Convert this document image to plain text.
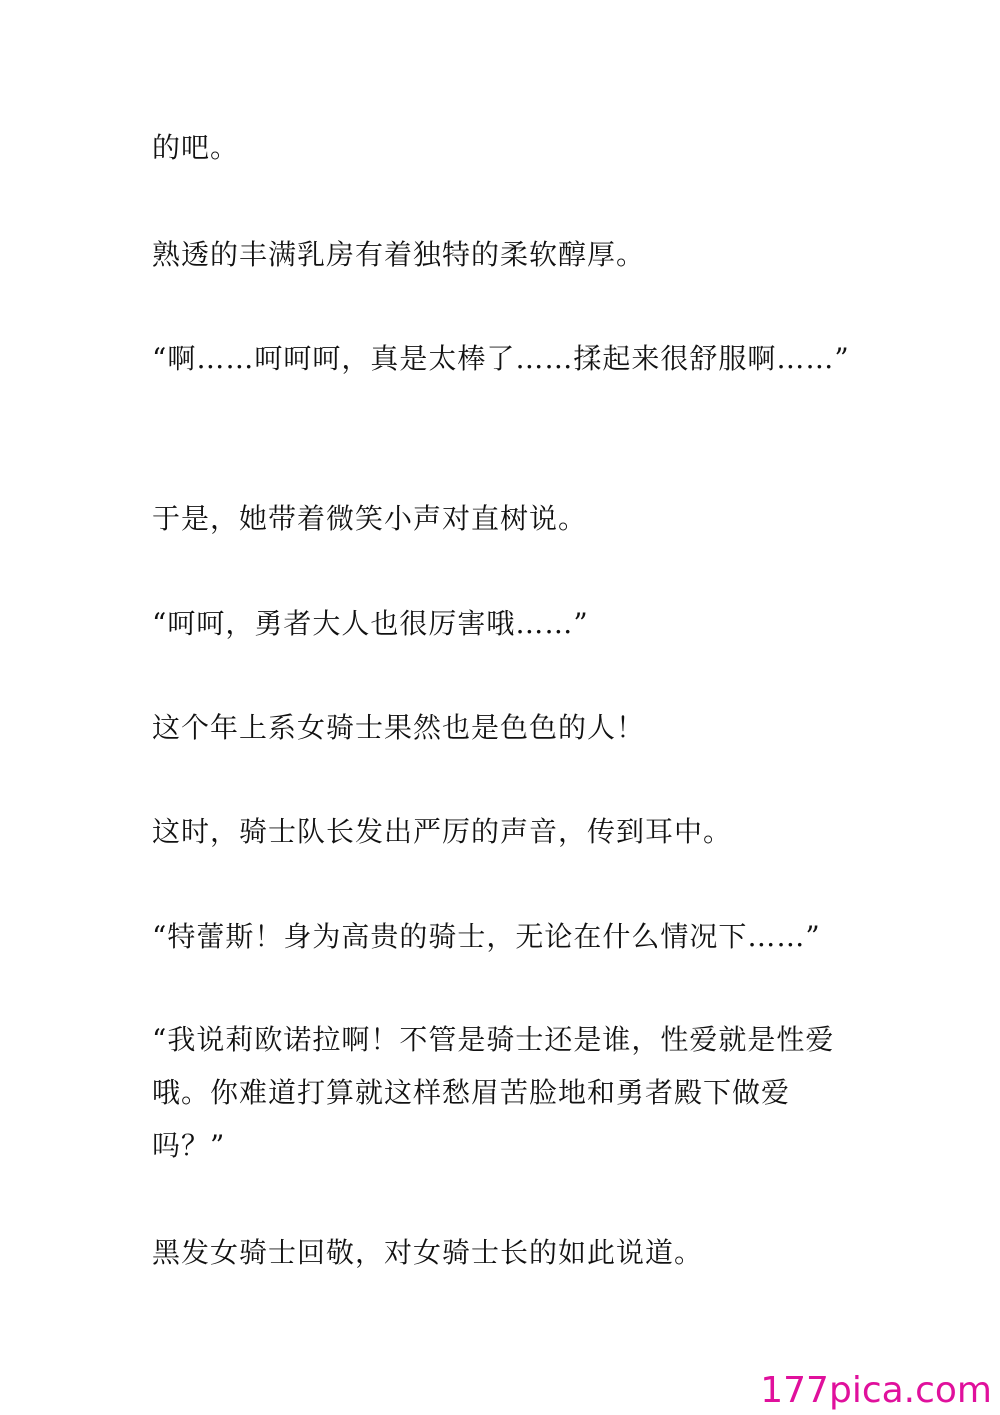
的吧。

熟透的丰满乳房有着独特的柔软醇厚。

“啊……呵呵呵，真是太棒了……揉起来很舒服啊……”

于是，她带着微笑小声对直树说。

“呵呵，勇者大人也很厉害哦……”

这个年上系女骑士果然也是色色的人！

这时，骑士队长发出严厉的声音，传到耳中。

“特蕾斯！身为高贵的骑士，无论在什么情况下……”

“我说莉欧诺拉啊！不管是骑士还是谁，性爱就是性爱哦。你难道打算就这样愁眉苦脸地和勇者殿下做爱吗？”

黑发女骑士回敬，对女骑士长的如此说道。

177pica.com
